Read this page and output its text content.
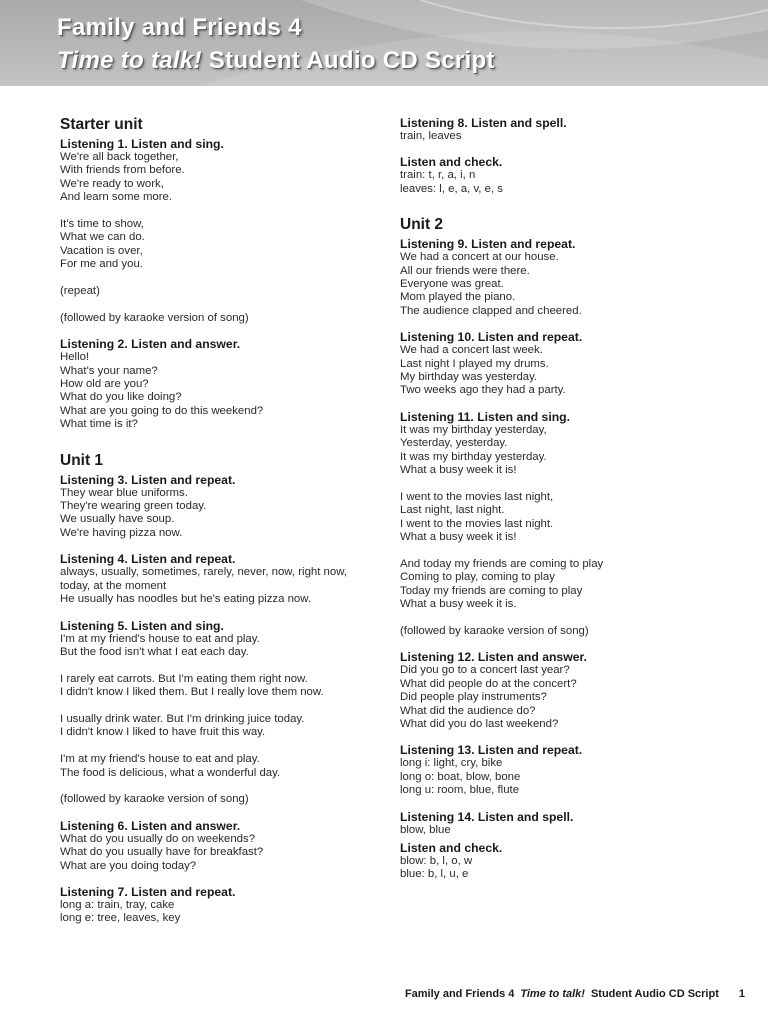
Family and Friends 4
Time to talk! Student Audio CD Script
Starter unit
Listening 1. Listen and sing.
We're all back together,
With friends from before.
We're ready to work,
And learn some more.
It's time to show,
What we can do.
Vacation is over,
For me and you.
(repeat)
(followed by karaoke version of song)
Listening 2. Listen and answer.
Hello!
What's your name?
How old are you?
What do you like doing?
What are you going to do this weekend?
What time is it?
Unit 1
Listening 3. Listen and repeat.
They wear blue uniforms.
They're wearing green today.
We usually have soup.
We're having pizza now.
Listening 4. Listen and repeat.
always, usually, sometimes, rarely, never, now, right now,
today, at the moment
He usually has noodles but he's eating pizza now.
Listening 5. Listen and sing.
I'm at my friend's house to eat and play.
But the food isn't what I eat each day.
I rarely eat carrots. But I'm eating them right now.
I didn't know I liked them. But I really love them now.
I usually drink water. But I'm drinking juice today.
I didn't know I liked to have fruit this way.
I'm at my friend's house to eat and play.
The food is delicious, what a wonderful day.
(followed by karaoke version of song)
Listening 6. Listen and answer.
What do you usually do on weekends?
What do you usually have for breakfast?
What are you doing today?
Listening 7. Listen and repeat.
long a: train, tray, cake
long e: tree, leaves, key
Listening 8. Listen and spell.
train, leaves
Listen and check.
train: t, r, a, i, n
leaves: l, e, a, v, e, s
Unit 2
Listening 9. Listen and repeat.
We had a concert at our house.
All our friends were there.
Everyone was great.
Mom played the piano.
The audience clapped and cheered.
Listening 10. Listen and repeat.
We had a concert last week.
Last night I played my drums.
My birthday was yesterday.
Two weeks ago they had a party.
Listening 11. Listen and sing.
It was my birthday yesterday,
Yesterday, yesterday.
It was my birthday yesterday.
What a busy week it is!
I went to the movies last night,
Last night, last night.
I went to the movies last night.
What a busy week it is!
And today my friends are coming to play
Coming to play, coming to play
Today my friends are coming to play
What a busy week it is.
(followed by karaoke version of song)
Listening 12. Listen and answer.
Did you go to a concert last year?
What did people do at the concert?
Did people play instruments?
What did the audience do?
What did you do last weekend?
Listening 13. Listen and repeat.
long i: light, cry, bike
long o: boat, blow, bone
long u: room, blue, flute
Listening 14. Listen and spell.
blow, blue
Listen and check.
blow: b, l, o, w
blue: b, l, u, e
Family and Friends 4 Time to talk! Student Audio CD Script 1
